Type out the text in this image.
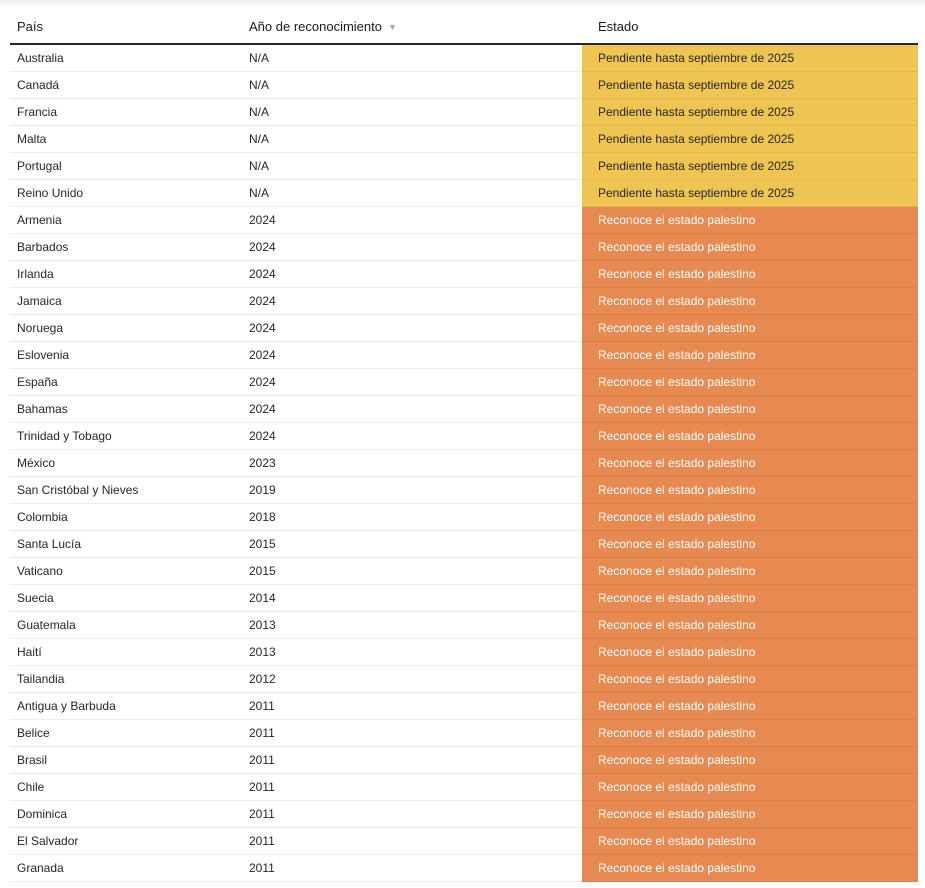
País	Año de reconocimiento ▼	Estado
Australia	N/A	Pendiente hasta septiembre de 2025
Canadá	N/A	Pendiente hasta septiembre de 2025
Francia	N/A	Pendiente hasta septiembre de 2025
Malta	N/A	Pendiente hasta septiembre de 2025
Portugal	N/A	Pendiente hasta septiembre de 2025
Reino Unido	N/A	Pendiente hasta septiembre de 2025
Armenia	2024	Reconoce el estado palestino
Barbados	2024	Reconoce el estado palestino
Irlanda	2024	Reconoce el estado palestino
Jamaica	2024	Reconoce el estado palestino
Noruega	2024	Reconoce el estado palestino
Eslovenia	2024	Reconoce el estado palestino
España	2024	Reconoce el estado palestino
Bahamas	2024	Reconoce el estado palestino
Trinidad y Tobago	2024	Reconoce el estado palestino
México	2023	Reconoce el estado palestino
San Cristóbal y Nieves	2019	Reconoce el estado palestino
Colombia	2018	Reconoce el estado palestino
Santa Lucía	2015	Reconoce el estado palestino
Vaticano	2015	Reconoce el estado palestino
Suecia	2014	Reconoce el estado palestino
Guatemala	2013	Reconoce el estado palestino
Haití	2013	Reconoce el estado palestino
Tailandia	2012	Reconoce el estado palestino
Antigua y Barbuda	2011	Reconoce el estado palestino
Belice	2011	Reconoce el estado palestino
Brasil	2011	Reconoce el estado palestino
Chile	2011	Reconoce el estado palestino
Dominica	2011	Reconoce el estado palestino
El Salvador	2011	Reconoce el estado palestino
Granada	2011	Reconoce el estado palestino
